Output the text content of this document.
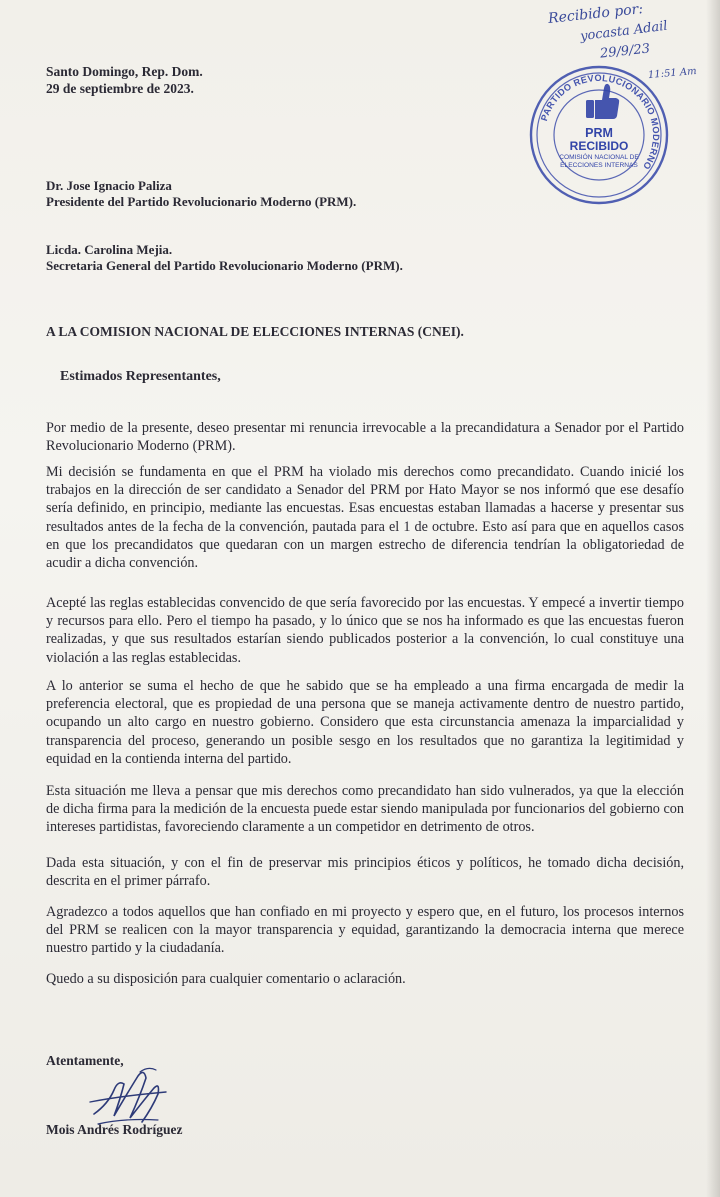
Santo Domingo, Rep. Dom.
29 de septiembre de 2023.
Recibido por:
yocasta Adail
29/9/23
11:51 Am
PARTIDO REVOLUCIONARIO MODERNO
PRM
RECIBIDO
COMISIÓN NACIONAL DE
ELECCIONES INTERNAS
Dr. Jose Ignacio Paliza
Presidente del Partido Revolucionario Moderno (PRM).
Licda. Carolina Mejia.
Secretaria General del Partido Revolucionario Moderno (PRM).
A LA COMISION NACIONAL DE ELECCIONES INTERNAS (CNEI).
Estimados Representantes,

Por medio de la presente, deseo presentar mi renuncia irrevocable a la precandidatura a Senador por el Partido Revolucionario Moderno (PRM).

Mi decisión se fundamenta en que el PRM ha violado mis derechos como precandidato. Cuando inicié los trabajos en la dirección de ser candidato a Senador del PRM por Hato Mayor se nos informó que ese desafío sería definido, en principio, mediante las encuestas. Esas encuestas estaban llamadas a hacerse y presentar sus resultados antes de la fecha de la convención, pautada para el 1 de octubre. Esto así para que en aquellos casos en que los precandidatos que quedaran con un margen estrecho de diferencia tendrían la obligatoriedad de acudir a dicha convención.

Acepté las reglas establecidas convencido de que sería favorecido por las encuestas. Y empecé a invertir tiempo y recursos para ello. Pero el tiempo ha pasado, y lo único que se nos ha informado es que las encuestas fueron realizadas, y que sus resultados estarían siendo publicados posterior a la convención, lo cual constituye una violación a las reglas establecidas.

A lo anterior se suma el hecho de que he sabido que se ha empleado a una firma encargada de medir la preferencia electoral, que es propiedad de una persona que se maneja activamente dentro de nuestro partido, ocupando un alto cargo en nuestro gobierno. Considero que esta circunstancia amenaza la imparcialidad y transparencia del proceso, generando un posible sesgo en los resultados que no garantiza la legitimidad y equidad en la contienda interna del partido.

Esta situación me lleva a pensar que mis derechos como precandidato han sido vulnerados, ya que la elección de dicha firma para la medición de la encuesta puede estar siendo manipulada por funcionarios del gobierno con intereses partidistas, favoreciendo claramente a un competidor en detrimento de otros.

Dada esta situación, y con el fin de preservar mis principios éticos y políticos, he tomado dicha decisión, descrita en el primer párrafo.

Agradezco a todos aquellos que han confiado en mi proyecto y espero que, en el futuro, los procesos internos del PRM se realicen con la mayor transparencia y equidad, garantizando la democracia interna que merece nuestro partido y la ciudadanía.

Quedo a su disposición para cualquier comentario o aclaración.

Atentamente,
Mois Andrés Rodríguez
